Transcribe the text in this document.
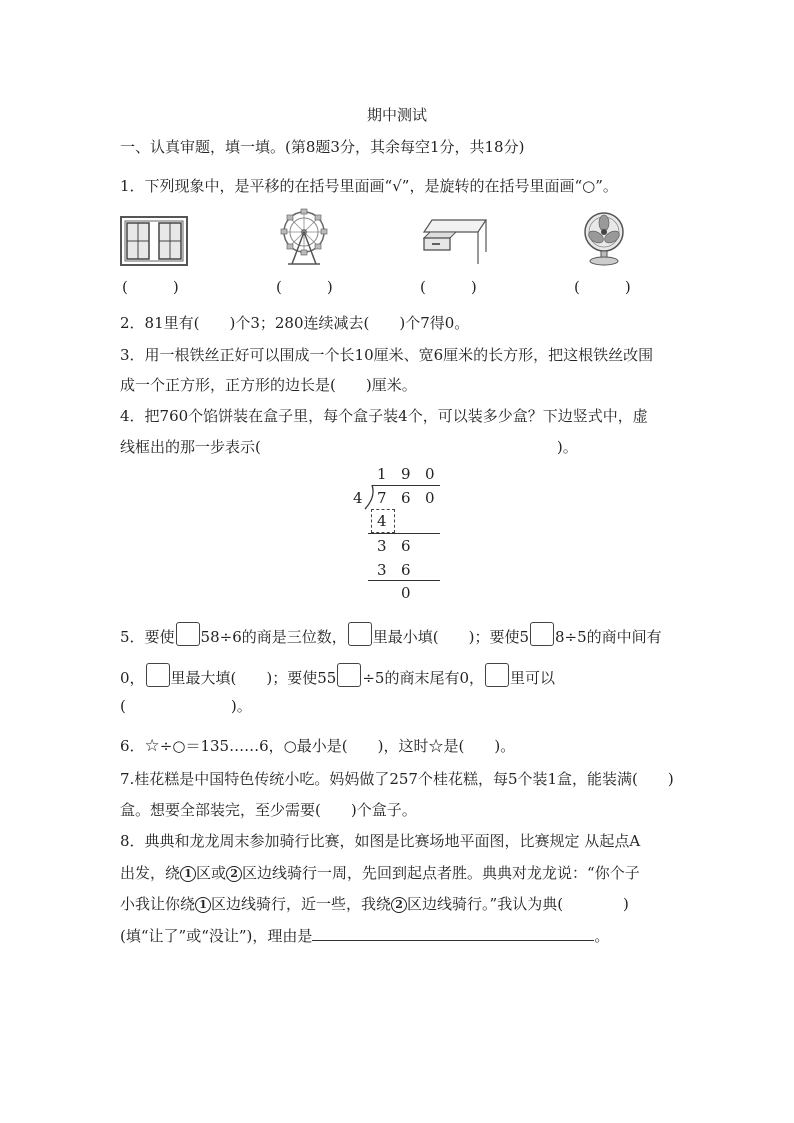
期中测试
一、认真审题，填一填。(第8题3分，其余每空1分，共18分)
1．下列现象中，是平移的在括号里面画“√”，是旋转的在括号里面画“○”。
(　　　)	(　　　)	(　　　)	(　　　)
2．81里有(　　)个3；280连续减去(　　)个7得0。
3．用一根铁丝正好可以围成一个长10厘米、宽6厘米的长方形，把这根铁丝改围
成一个正方形，正方形的边长是(　　)厘米。
4．把760个馅饼装在盒子里，每个盒子装4个，可以装多少盒？下边竖式中，虚
线框出的那一步表示(	)。
1 9 0
4 7 6 0
4
3 6
3 6
0
5．要使 58÷6的商是三位数， 里最小填(　　)；要使5 8÷5的商中间有
0， 里最大填(　　)；要使55 ÷5的商末尾有0， 里可以
(　　　　　　　)。
6．☆÷○＝135……6，○最小是(　　)，这时☆是(　　)。
7.桂花糕是中国特色传统小吃。妈妈做了257个桂花糕，每5个装1盒，能装满(　　)
盒。想要全部装完，至少需要(　　)个盒子。
8．典典和龙龙周末参加骑行比赛，如图是比赛场地平面图，比赛规定 从起点A
出发，绕 1 区或 2 区边线骑行一周，先回到起点者胜。典典对龙龙说：“你个子
小我让你绕 1 区边线骑行，近一些，我绕 2 区边线骑行。”我认为典(　　　　)
(填“让了”或“没让”)，理由是	。
